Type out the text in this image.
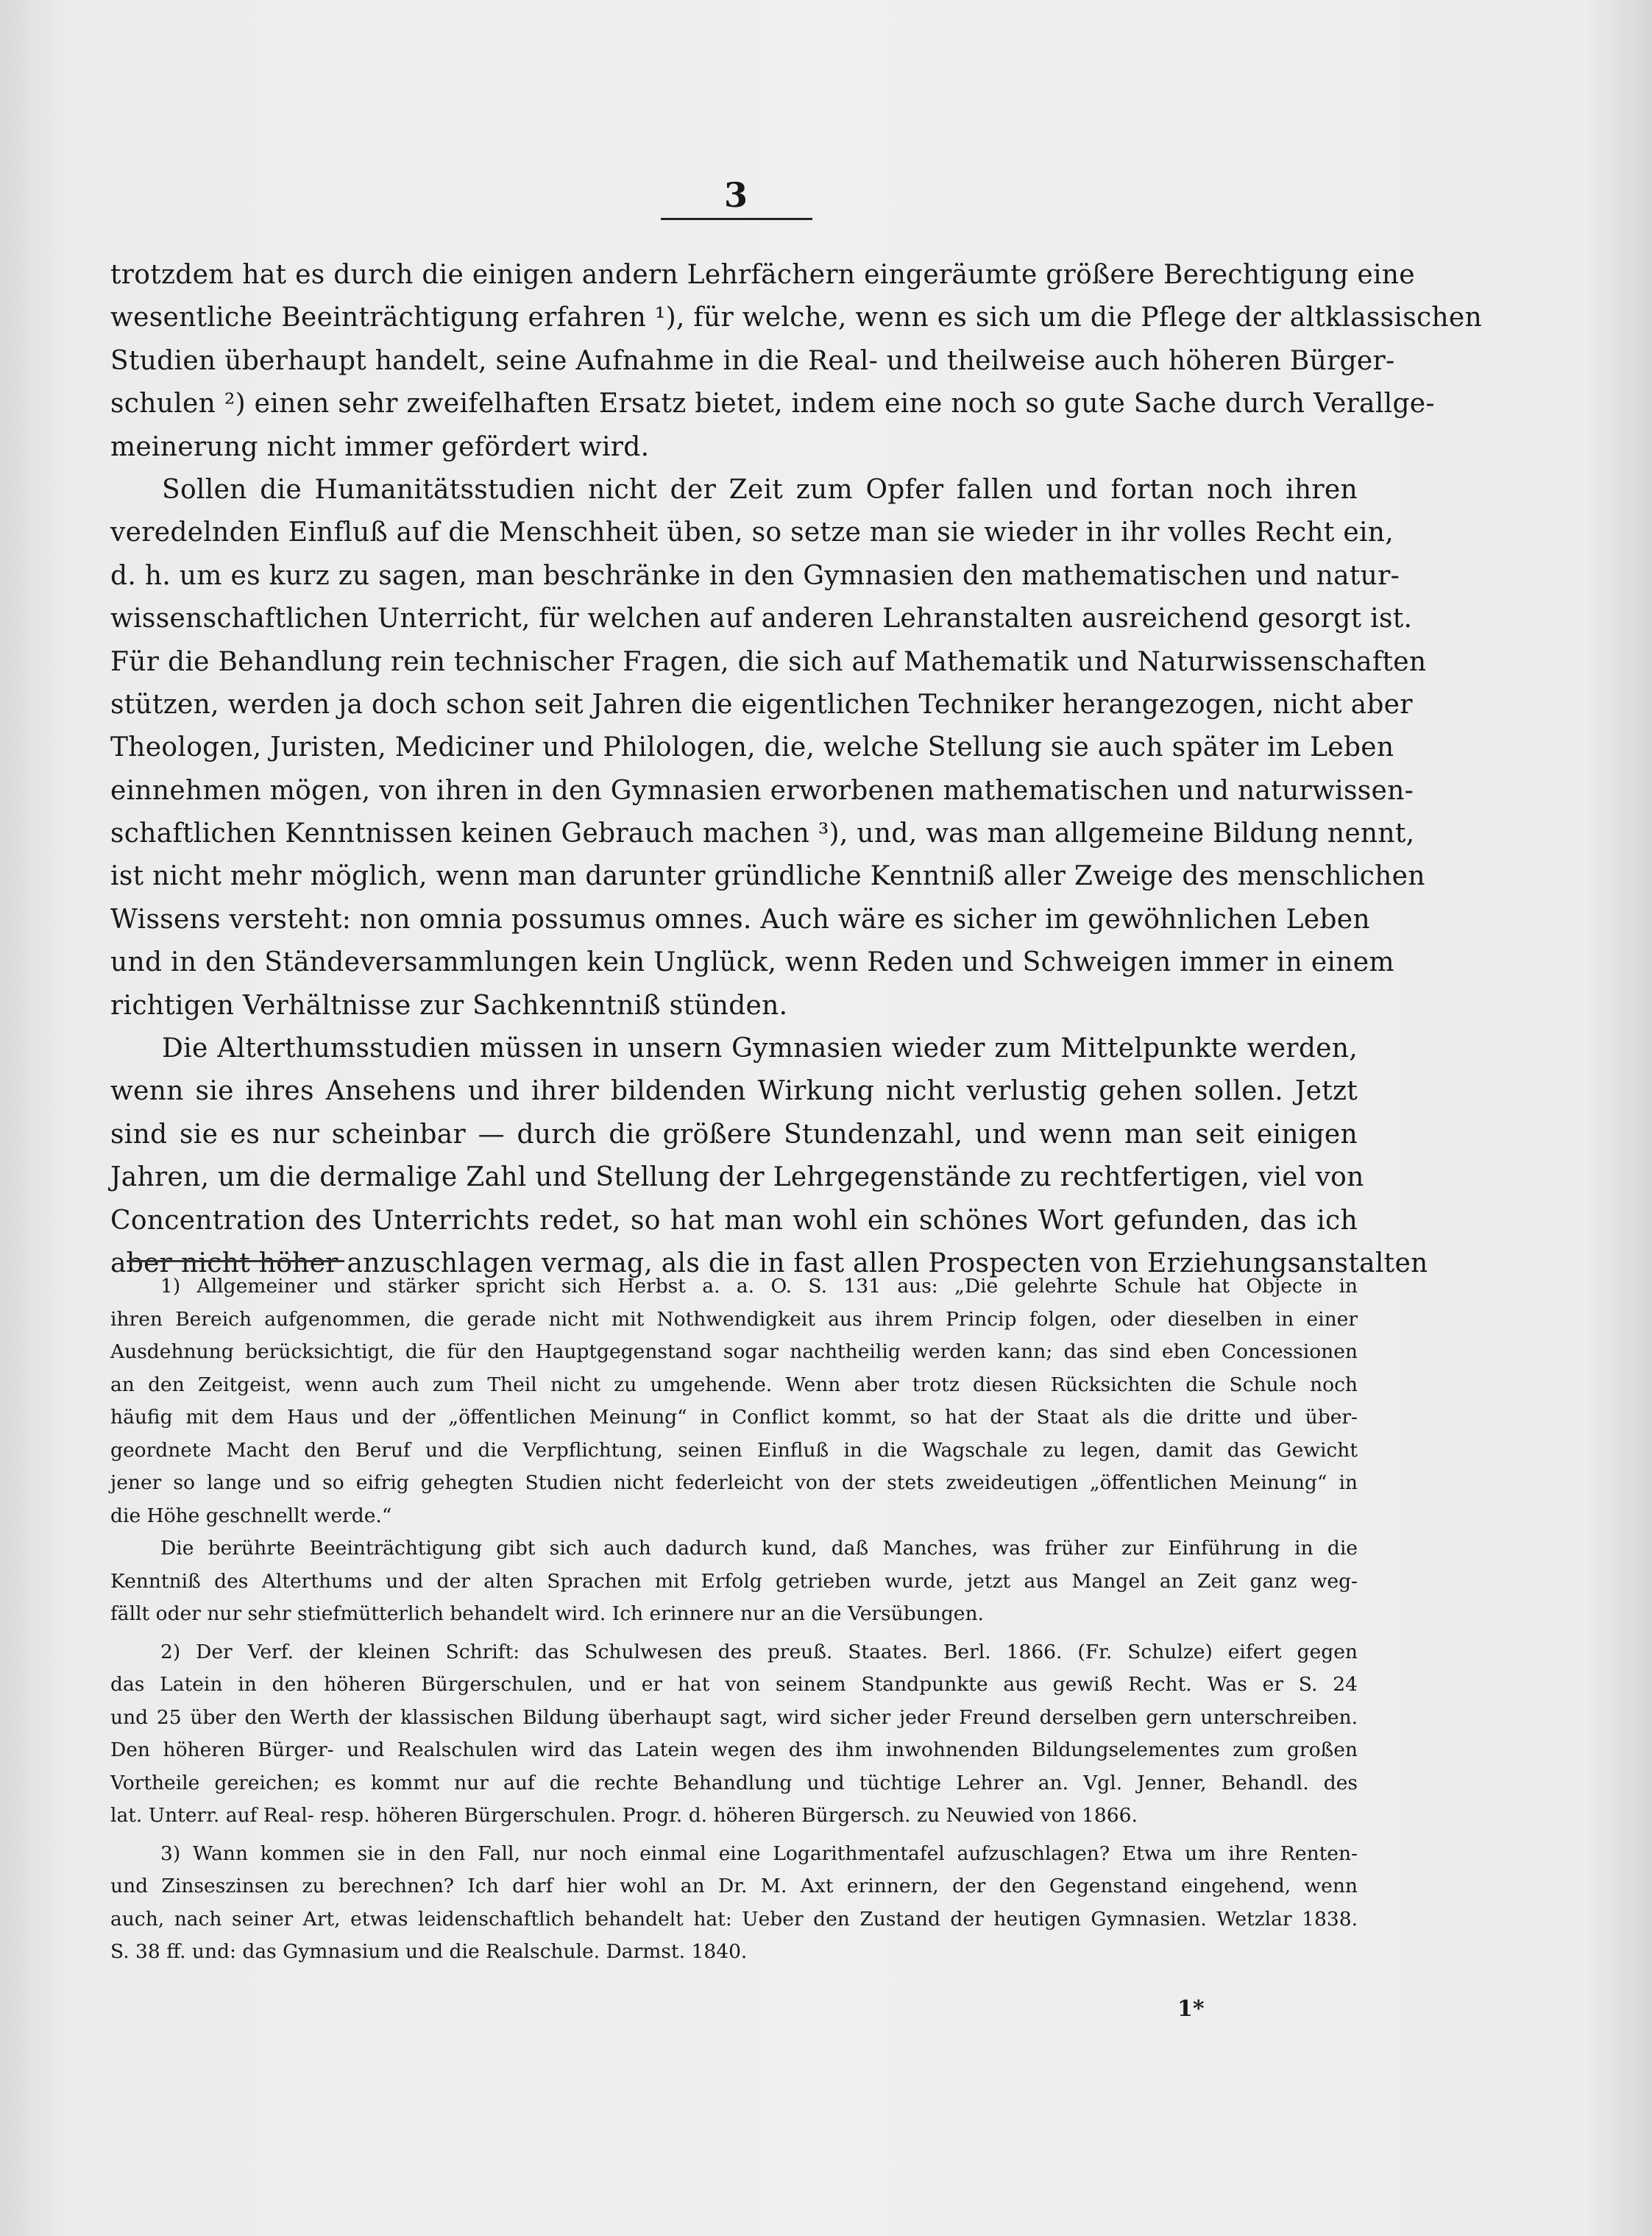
3
trotzdem hat es durch die einigen andern Lehrfächern eingeräumte größere Berechtigung eine
wesentliche Beeinträchtigung erfahren ¹), für welche, wenn es sich um die Pflege der altklassischen
Studien überhaupt handelt, seine Aufnahme in die Real- und theilweise auch höheren Bürger-
schulen ²) einen sehr zweifelhaften Ersatz bietet, indem eine noch so gute Sache durch Verallge-
meinerung nicht immer gefördert wird.
Sollen die Humanitätsstudien nicht der Zeit zum Opfer fallen und fortan noch ihren
veredelnden Einfluß auf die Menschheit üben, so setze man sie wieder in ihr volles Recht ein,
d. h. um es kurz zu sagen, man beschränke in den Gymnasien den mathematischen und natur-
wissenschaftlichen Unterricht, für welchen auf anderen Lehranstalten ausreichend gesorgt ist.
Für die Behandlung rein technischer Fragen, die sich auf Mathematik und Naturwissenschaften
stützen, werden ja doch schon seit Jahren die eigentlichen Techniker herangezogen, nicht aber
Theologen, Juristen, Mediciner und Philologen, die, welche Stellung sie auch später im Leben
einnehmen mögen, von ihren in den Gymnasien erworbenen mathematischen und naturwissen-
schaftlichen Kenntnissen keinen Gebrauch machen ³), und, was man allgemeine Bildung nennt,
ist nicht mehr möglich, wenn man darunter gründliche Kenntniß aller Zweige des menschlichen
Wissens versteht: non omnia possumus omnes. Auch wäre es sicher im gewöhnlichen Leben
und in den Ständeversammlungen kein Unglück, wenn Reden und Schweigen immer in einem
richtigen Verhältnisse zur Sachkenntniß stünden.
Die Alterthumsstudien müssen in unsern Gymnasien wieder zum Mittelpunkte werden,
wenn sie ihres Ansehens und ihrer bildenden Wirkung nicht verlustig gehen sollen. Jetzt
sind sie es nur scheinbar — durch die größere Stundenzahl, und wenn man seit einigen
Jahren, um die dermalige Zahl und Stellung der Lehrgegenstände zu rechtfertigen, viel von
Concentration des Unterrichts redet, so hat man wohl ein schönes Wort gefunden, das ich
aber nicht höher anzuschlagen vermag, als die in fast allen Prospecten von Erziehungsanstalten
1) Allgemeiner und stärker spricht sich Herbst a. a. O. S. 131 aus: „Die gelehrte Schule hat Objecte in
ihren Bereich aufgenommen, die gerade nicht mit Nothwendigkeit aus ihrem Princip folgen, oder dieselben in einer
Ausdehnung berücksichtigt, die für den Hauptgegenstand sogar nachtheilig werden kann; das sind eben Concessionen
an den Zeitgeist, wenn auch zum Theil nicht zu umgehende. Wenn aber trotz diesen Rücksichten die Schule noch
häufig mit dem Haus und der „öffentlichen Meinung“ in Conflict kommt, so hat der Staat als die dritte und über-
geordnete Macht den Beruf und die Verpflichtung, seinen Einfluß in die Wagschale zu legen, damit das Gewicht
jener so lange und so eifrig gehegten Studien nicht federleicht von der stets zweideutigen „öffentlichen Meinung“ in
die Höhe geschnellt werde.“
Die berührte Beeinträchtigung gibt sich auch dadurch kund, daß Manches, was früher zur Einführung in die
Kenntniß des Alterthums und der alten Sprachen mit Erfolg getrieben wurde, jetzt aus Mangel an Zeit ganz weg-
fällt oder nur sehr stiefmütterlich behandelt wird. Ich erinnere nur an die Versübungen.
2) Der Verf. der kleinen Schrift: das Schulwesen des preuß. Staates. Berl. 1866. (Fr. Schulze) eifert gegen
das Latein in den höheren Bürgerschulen, und er hat von seinem Standpunkte aus gewiß Recht. Was er S. 24
und 25 über den Werth der klassischen Bildung überhaupt sagt, wird sicher jeder Freund derselben gern unterschreiben.
Den höheren Bürger- und Realschulen wird das Latein wegen des ihm inwohnenden Bildungselementes zum großen
Vortheile gereichen; es kommt nur auf die rechte Behandlung und tüchtige Lehrer an. Vgl. Jenner, Behandl. des
lat. Unterr. auf Real- resp. höheren Bürgerschulen. Progr. d. höheren Bürgersch. zu Neuwied von 1866.
3) Wann kommen sie in den Fall, nur noch einmal eine Logarithmentafel aufzuschlagen? Etwa um ihre Renten-
und Zinseszinsen zu berechnen? Ich darf hier wohl an Dr. M. Axt erinnern, der den Gegenstand eingehend, wenn
auch, nach seiner Art, etwas leidenschaftlich behandelt hat: Ueber den Zustand der heutigen Gymnasien. Wetzlar 1838.
S. 38 ff. und: das Gymnasium und die Realschule. Darmst. 1840.
1*
